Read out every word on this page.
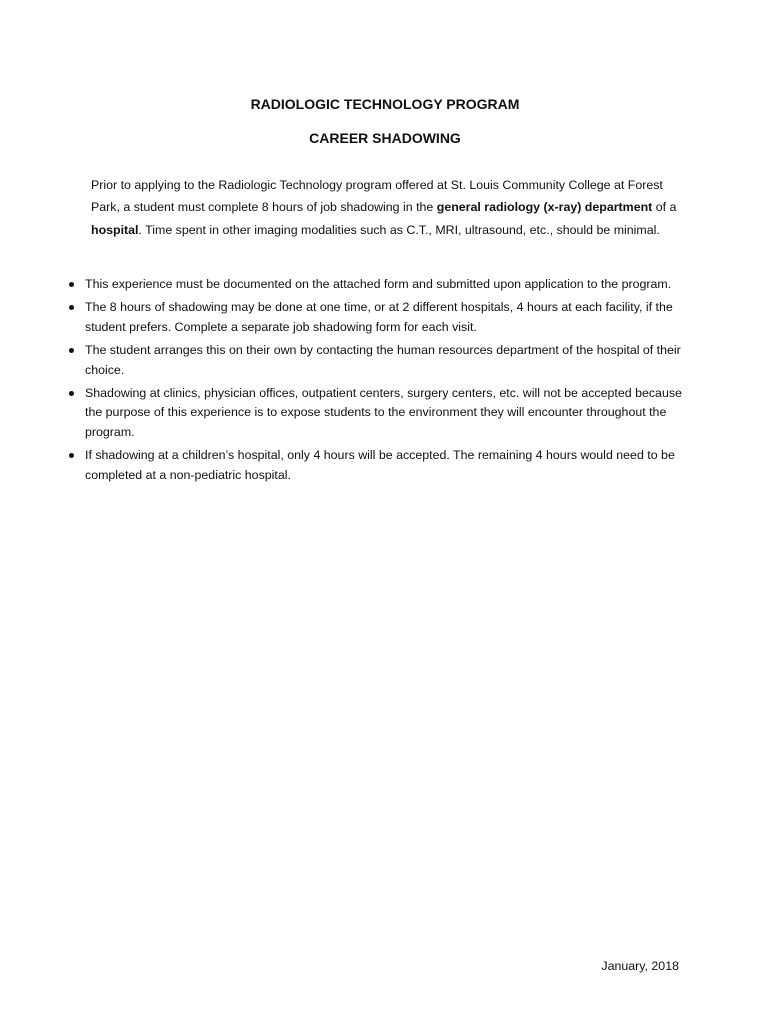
RADIOLOGIC TECHNOLOGY PROGRAM
CAREER SHADOWING

Prior to applying to the Radiologic Technology program offered at St. Louis Community College at Forest Park, a student must complete 8 hours of job shadowing in the general radiology (x-ray) department of a hospital. Time spent in other imaging modalities such as C.T., MRI, ultrasound, etc., should be minimal.

This experience must be documented on the attached form and submitted upon application to the program.
The 8 hours of shadowing may be done at one time, or at 2 different hospitals, 4 hours at each facility, if the student prefers. Complete a separate job shadowing form for each visit.
The student arranges this on their own by contacting the human resources department of the hospital of their choice.
Shadowing at clinics, physician offices, outpatient centers, surgery centers, etc. will not be accepted because the purpose of this experience is to expose students to the environment they will encounter throughout the program.
If shadowing at a children’s hospital, only 4 hours will be accepted. The remaining 4 hours would need to be completed at a non-pediatric hospital.
January, 2018
